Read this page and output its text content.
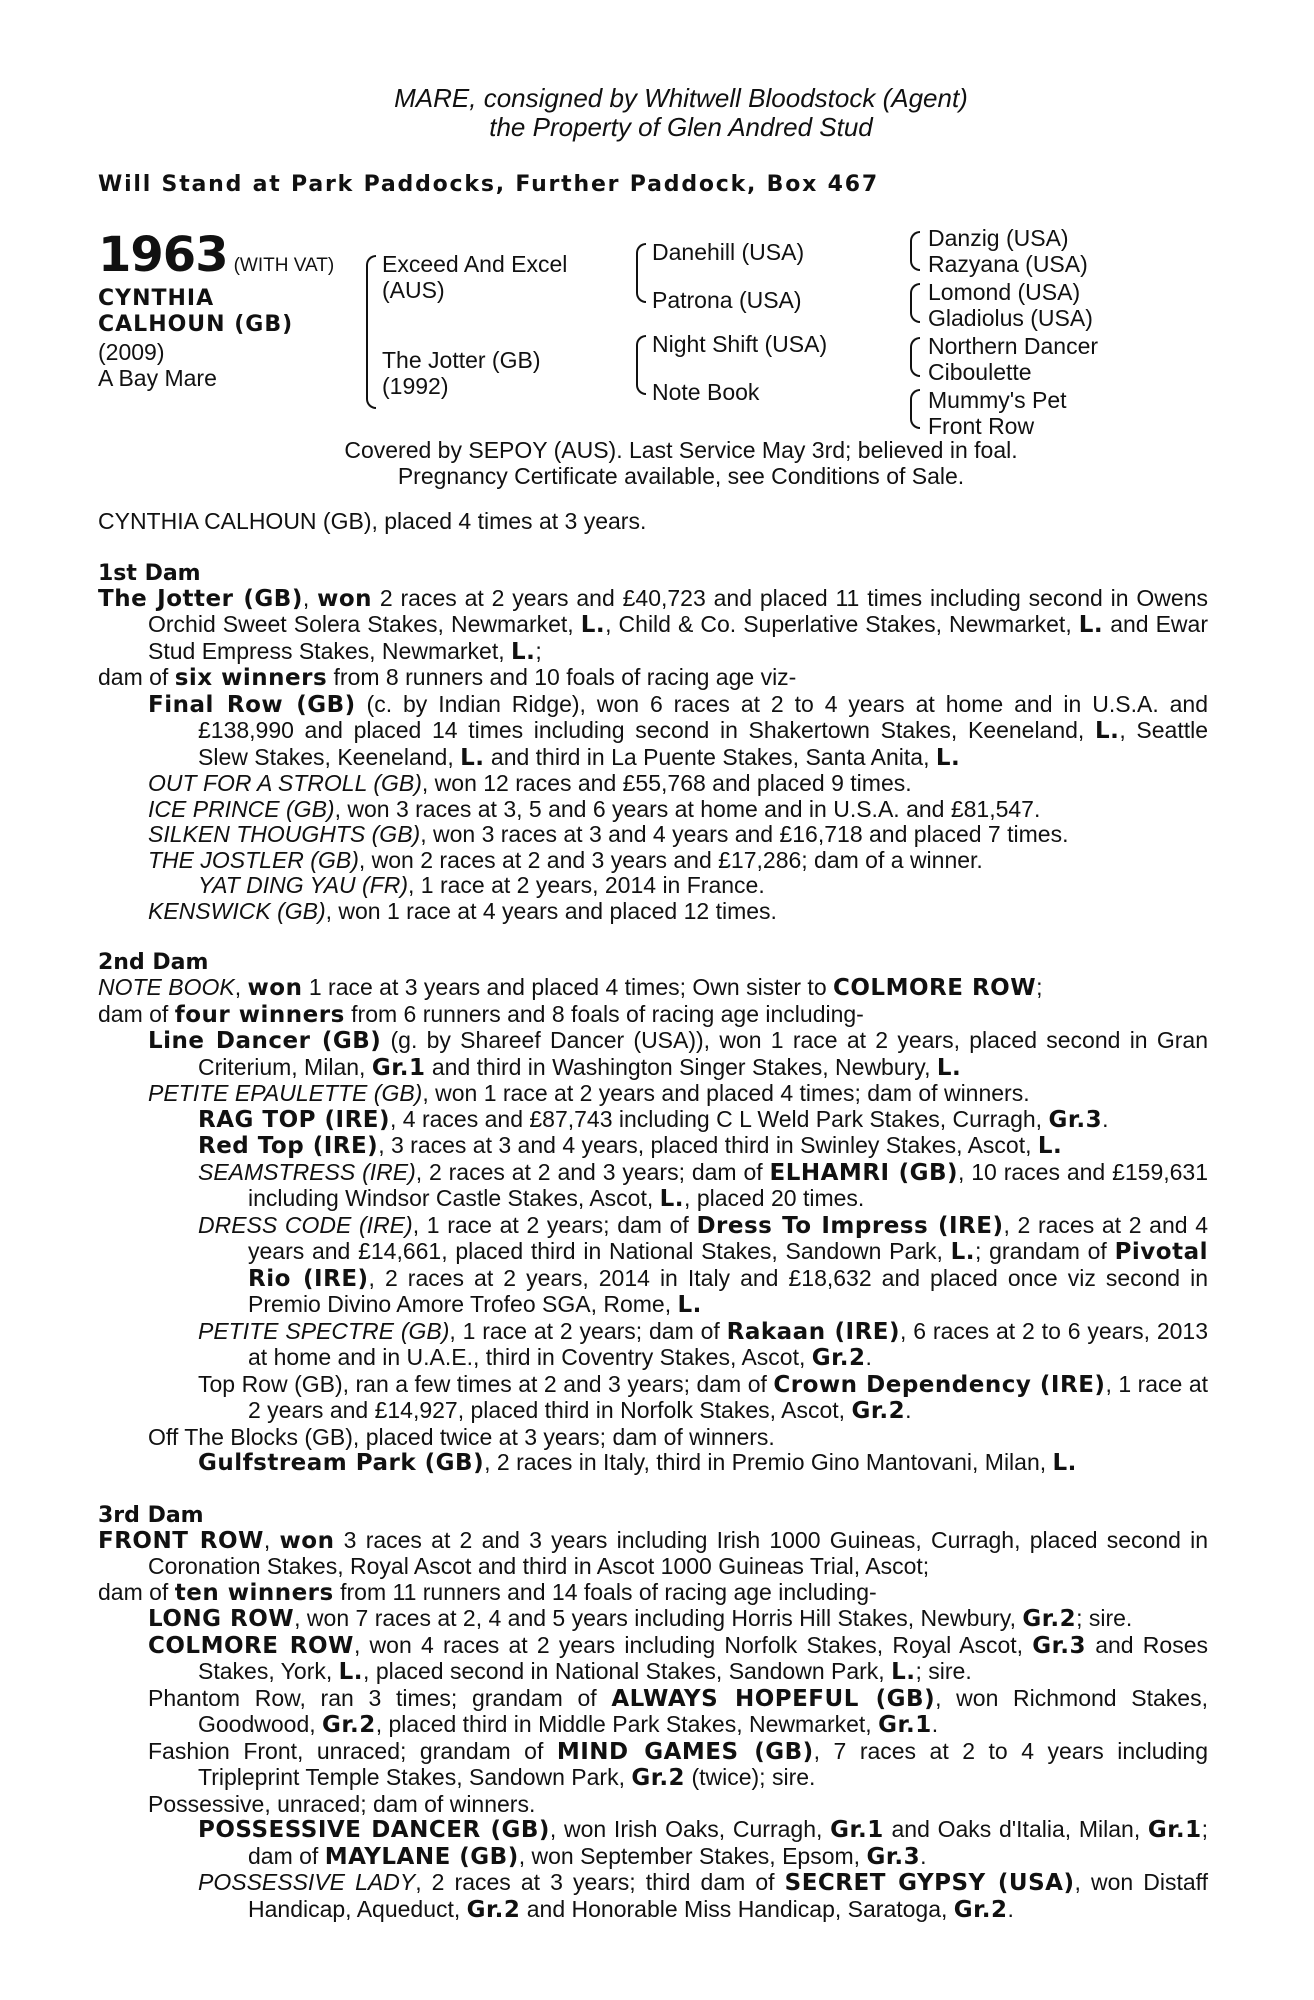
MARE, consigned by Whitwell Bloodstock (Agent)
the Property of Glen Andred Stud
Will Stand at Park Paddocks, Further Paddock, Box 467
1963 (WITH VAT)
CYNTHIA
CALHOUN (GB)
(2009)
A Bay Mare
Exceed And Excel
(AUS)
The Jotter (GB)
(1992)
Danehill (USA)
Patrona (USA)
Night Shift (USA)
Note Book
Danzig (USA)
Razyana (USA)
Lomond (USA)
Gladiolus (USA)
Northern Dancer
Ciboulette
Mummy's Pet
Front Row
Covered by SEPOY (AUS). Last Service May 3rd; believed in foal.
Pregnancy Certificate available, see Conditions of Sale.

CYNTHIA CALHOUN (GB), placed 4 times at 3 years.

1st Dam

The Jotter (GB), won 2 races at 2 years and £40,723 and placed 11 times including second in Owens Orchid Sweet Solera Stakes, Newmarket, L., Child & Co. Superlative Stakes, Newmarket, L. and Ewar Stud Empress Stakes, Newmarket, L.;

dam of six winners from 8 runners and 10 foals of racing age viz-

Final Row (GB) (c. by Indian Ridge), won 6 races at 2 to 4 years at home and in U.S.A. and £138,990 and placed 14 times including second in Shakertown Stakes, Keeneland, L., Seattle Slew Stakes, Keeneland, L. and third in La Puente Stakes, Santa Anita, L.

OUT FOR A STROLL (GB), won 12 races and £55,768 and placed 9 times.

ICE PRINCE (GB), won 3 races at 3, 5 and 6 years at home and in U.S.A. and £81,547.

SILKEN THOUGHTS (GB), won 3 races at 3 and 4 years and £16,718 and placed 7 times.

THE JOSTLER (GB), won 2 races at 2 and 3 years and £17,286; dam of a winner.

YAT DING YAU (FR), 1 race at 2 years, 2014 in France.

KENSWICK (GB), won 1 race at 4 years and placed 12 times.

2nd Dam

NOTE BOOK, won 1 race at 3 years and placed 4 times; Own sister to COLMORE ROW;

dam of four winners from 6 runners and 8 foals of racing age including-

Line Dancer (GB) (g. by Shareef Dancer (USA)), won 1 race at 2 years, placed second in Gran Criterium, Milan, Gr.1 and third in Washington Singer Stakes, Newbury, L.

PETITE EPAULETTE (GB), won 1 race at 2 years and placed 4 times; dam of winners.

RAG TOP (IRE), 4 races and £87,743 including C L Weld Park Stakes, Curragh, Gr.3.

Red Top (IRE), 3 races at 3 and 4 years, placed third in Swinley Stakes, Ascot, L.

SEAMSTRESS (IRE), 2 races at 2 and 3 years; dam of ELHAMRI (GB), 10 races and £159,631 including Windsor Castle Stakes, Ascot, L., placed 20 times.

DRESS CODE (IRE), 1 race at 2 years; dam of Dress To Impress (IRE), 2 races at 2 and 4 years and £14,661, placed third in National Stakes, Sandown Park, L.; grandam of Pivotal Rio (IRE), 2 races at 2 years, 2014 in Italy and £18,632 and placed once viz second in Premio Divino Amore Trofeo SGA, Rome, L.

PETITE SPECTRE (GB), 1 race at 2 years; dam of Rakaan (IRE), 6 races at 2 to 6 years, 2013 at home and in U.A.E., third in Coventry Stakes, Ascot, Gr.2.

Top Row (GB), ran a few times at 2 and 3 years; dam of Crown Dependency (IRE), 1 race at 2 years and £14,927, placed third in Norfolk Stakes, Ascot, Gr.2.

Off The Blocks (GB), placed twice at 3 years; dam of winners.

Gulfstream Park (GB), 2 races in Italy, third in Premio Gino Mantovani, Milan, L.

3rd Dam

FRONT ROW, won 3 races at 2 and 3 years including Irish 1000 Guineas, Curragh, placed second in Coronation Stakes, Royal Ascot and third in Ascot 1000 Guineas Trial, Ascot;

dam of ten winners from 11 runners and 14 foals of racing age including-

LONG ROW, won 7 races at 2, 4 and 5 years including Horris Hill Stakes, Newbury, Gr.2; sire.

COLMORE ROW, won 4 races at 2 years including Norfolk Stakes, Royal Ascot, Gr.3 and Roses Stakes, York, L., placed second in National Stakes, Sandown Park, L.; sire.

Phantom Row, ran 3 times; grandam of ALWAYS HOPEFUL (GB), won Richmond Stakes, Goodwood, Gr.2, placed third in Middle Park Stakes, Newmarket, Gr.1.

Fashion Front, unraced; grandam of MIND GAMES (GB), 7 races at 2 to 4 years including Tripleprint Temple Stakes, Sandown Park, Gr.2 (twice); sire.

Possessive, unraced; dam of winners.

POSSESSIVE DANCER (GB), won Irish Oaks, Curragh, Gr.1 and Oaks d'Italia, Milan, Gr.1; dam of MAYLANE (GB), won September Stakes, Epsom, Gr.3.

POSSESSIVE LADY, 2 races at 3 years; third dam of SECRET GYPSY (USA), won Distaff Handicap, Aqueduct, Gr.2 and Honorable Miss Handicap, Saratoga, Gr.2.
